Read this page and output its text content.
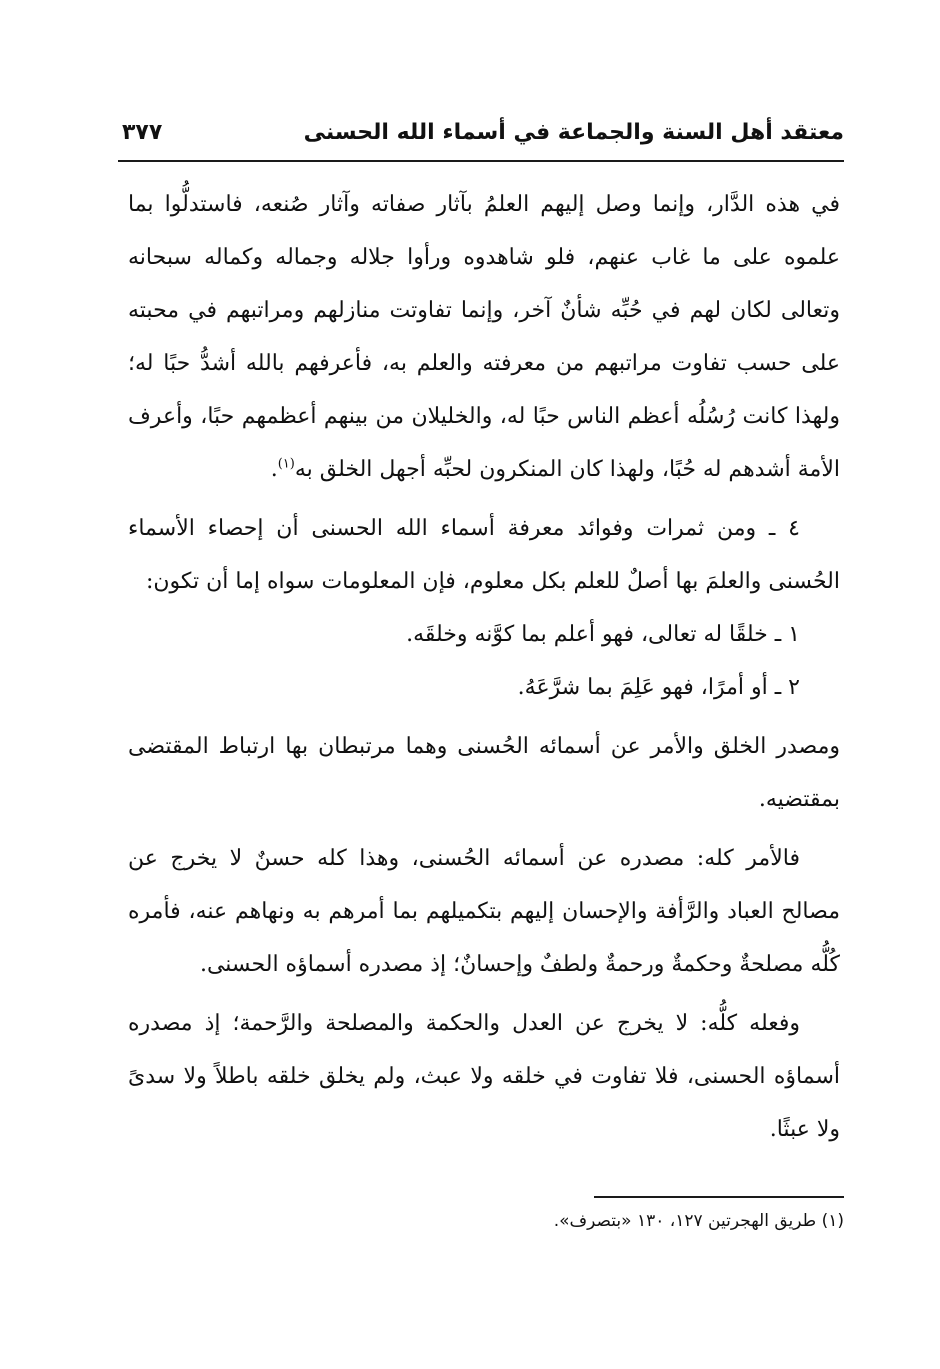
معتقد أهل السنة والجماعة في أسماء الله الحسنى
٣٧٧

في هذه الدَّار، وإنما وصل إليهم العلمُ بآثار صفاته وآثار صُنعه، فاستدلُّوا بما علموه على ما غاب عنهم، فلو شاهدوه ورأوا جلاله وجماله وكماله سبحانه وتعالى لكان لهم في حُبِّه شأنٌ آخر، وإنما تفاوتت منازلهم ومراتبهم في محبته على حسب تفاوت مراتبهم من معرفته والعلم به، فأعرفهم بالله أشدُّ حبًا له؛ ولهذا كانت رُسُلُه أعظم الناس حبًا له، والخليلان من بينهم أعظمهم حبًا، وأعرف الأمة أشدهم له حُبًا، ولهذا كان المنكرون لحبِّه أجهل الخلق به$^{(١)}$.

٤ ـ ومن ثمرات وفوائد معرفة أسماء الله الحسنى أن إحصاء الأسماء الحُسنى والعلمَ بها أصلٌ للعلم بكل معلوم، فإن المعلومات سواه إما أن تكون:

١ ـ خلقًا له تعالى، فهو أعلم بما كوَّنه وخلقَه.

٢ ـ أو أمرًا، فهو عَلِمَ بما شرَّعَهُ.

ومصدر الخلق والأمر عن أسمائه الحُسنى وهما مرتبطان بها ارتباط المقتضى بمقتضيه.

فالأمر كله: مصدره عن أسمائه الحُسنى، وهذا كله حسنٌ لا يخرج عن مصالح العباد والرَّأفة والإحسان إليهم بتكميلهم بما أمرهم به ونهاهم عنه، فأمره كُلُّه مصلحةٌ وحكمةٌ ورحمةٌ ولطفٌ وإحسانٌ؛ إذ مصدره أسماؤه الحسنى.

وفعله كلُّه: لا يخرج عن العدل والحكمة والمصلحة والرَّحمة؛ إذ مصدره أسماؤه الحسنى، فلا تفاوت في خلقه ولا عبث، ولم يخلق خلقه باطلاً ولا سدىً ولا عبثًا.

(١) طريق الهجرتين ١٢٧، ١٣٠ «بتصرف».
